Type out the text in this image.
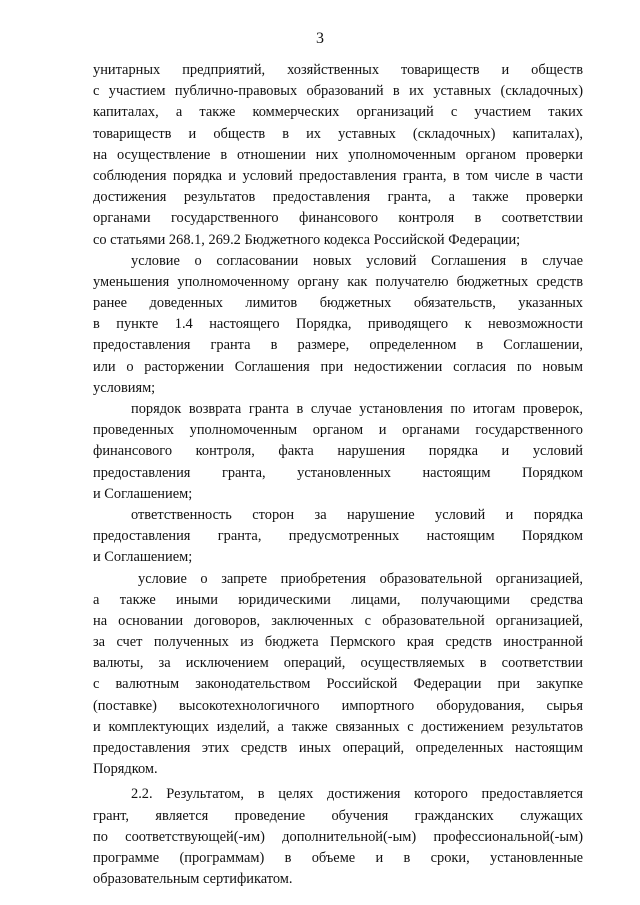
3
унитарных предприятий, хозяйственных товариществ и обществ
с участием публично-правовых образований в их уставных (складочных)
капиталах, а также коммерческих организаций с участием таких
товариществ и обществ в их уставных (складочных) капиталах),
на осуществление в отношении них уполномоченным органом проверки
соблюдения порядка и условий предоставления гранта, в том числе в части
достижения результатов предоставления гранта, а также проверки
органами государственного финансового контроля в соответствии
со статьями 268.1, 269.2 Бюджетного кодекса Российской Федерации;
условие о согласовании новых условий Соглашения в случае
уменьшения уполномоченному органу как получателю бюджетных средств
ранее доведенных лимитов бюджетных обязательств, указанных
в пункте 1.4 настоящего Порядка, приводящего к невозможности
предоставления гранта в размере, определенном в Соглашении,
или о расторжении Соглашения при недостижении согласия по новым
условиям;
порядок возврата гранта в случае установления по итогам проверок,
проведенных уполномоченным органом и органами государственного
финансового контроля, факта нарушения порядка и условий
предоставления гранта, установленных настоящим Порядком
и Соглашением;
ответственность сторон за нарушение условий и порядка
предоставления гранта, предусмотренных настоящим Порядком
и Соглашением;
условие о запрете приобретения образовательной организацией,
а также иными юридическими лицами, получающими средства
на основании договоров, заключенных с образовательной организацией,
за счет полученных из бюджета Пермского края средств иностранной
валюты, за исключением операций, осуществляемых в соответствии
с валютным законодательством Российской Федерации при закупке
(поставке) высокотехнологичного импортного оборудования, сырья
и комплектующих изделий, а также связанных с достижением результатов
предоставления этих средств иных операций, определенных настоящим
Порядком.
2.2. Результатом, в целях достижения которого предоставляется
грант, является проведение обучения гражданских служащих
по соответствующей(-им) дополнительной(-ым) профессиональной(-ым)
программе (программам) в объеме и в сроки, установленные
образовательным сертификатом.
